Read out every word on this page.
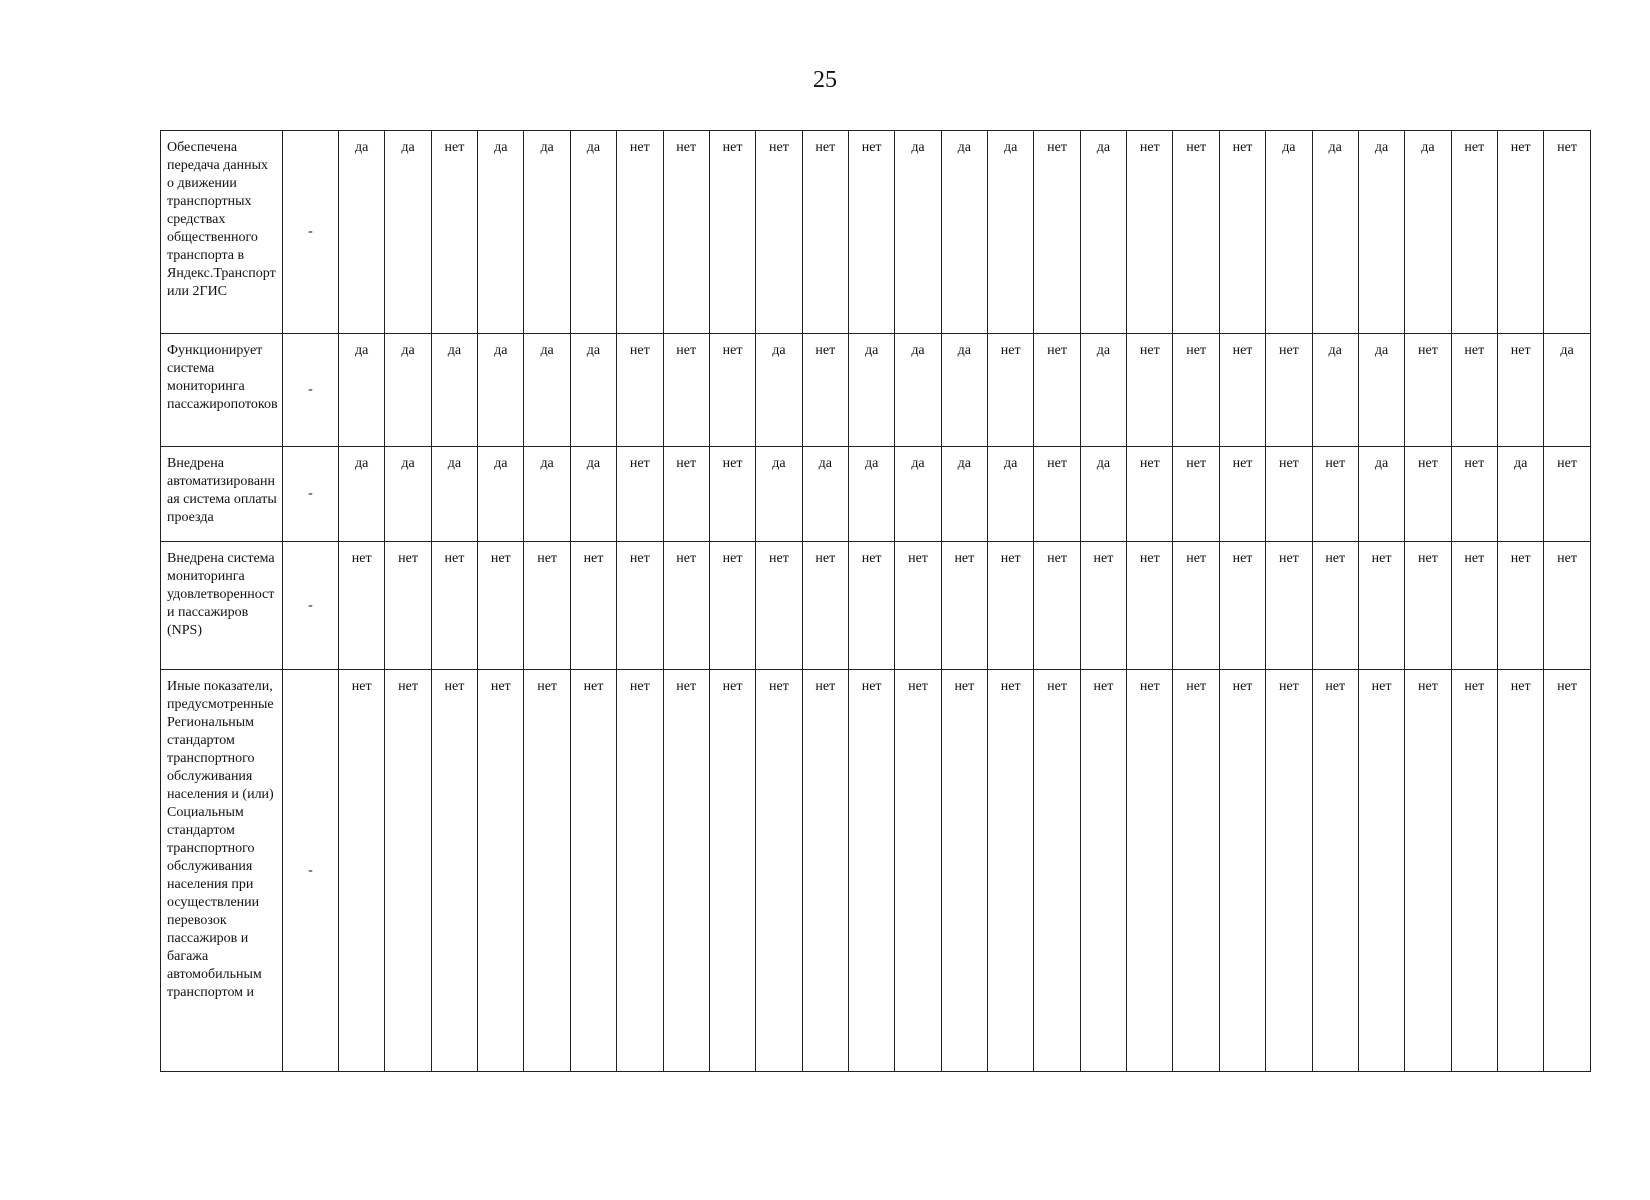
25
Обеспечена передача данных о движении транспортных средствах общественного транспорта в Яндекс.Транспорт или 2ГИС	-	да	да	нет	да	да	да	нет	нет	нет	нет	нет	нет	да	да	да	нет	да	нет	нет	нет	да	да	да	да	нет	нет	нет
Функционирует система мониторинга пассажиропотоков	-	да	да	да	да	да	да	нет	нет	нет	да	нет	да	да	да	нет	нет	да	нет	нет	нет	нет	да	да	нет	нет	нет	да
Внедрена автоматизированная система оплаты проезда	-	да	да	да	да	да	да	нет	нет	нет	да	да	да	да	да	да	нет	да	нет	нет	нет	нет	нет	да	нет	нет	да	нет
Внедрена система мониторинга удовлетворенности пассажиров (NPS)	-	нет	нет	нет	нет	нет	нет	нет	нет	нет	нет	нет	нет	нет	нет	нет	нет	нет	нет	нет	нет	нет	нет	нет	нет	нет	нет	нет
Иные показатели, предусмотренные Региональным стандартом транспортного обслуживания населения и (или) Социальным стандартом транспортного обслуживания населения при осуществлении перевозок пассажиров и багажа автомобильным транспортом и	-	нет	нет	нет	нет	нет	нет	нет	нет	нет	нет	нет	нет	нет	нет	нет	нет	нет	нет	нет	нет	нет	нет	нет	нет	нет	нет	нет
